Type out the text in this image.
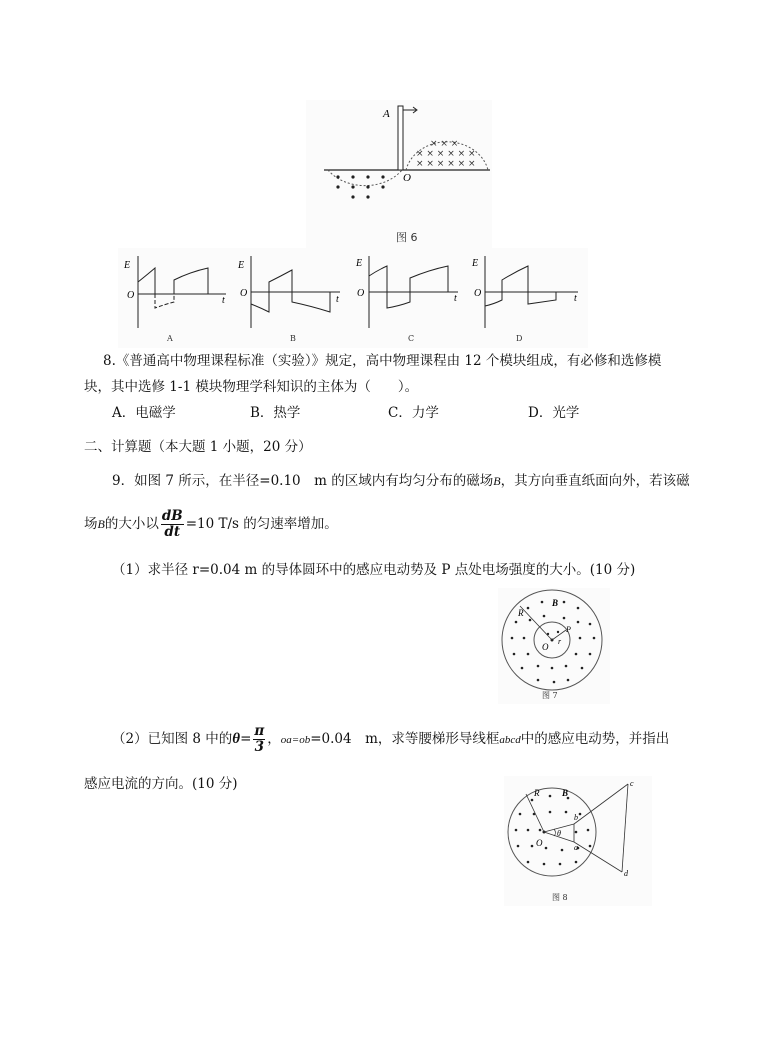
× × ×
× × × × × ×
× × × × × ×
A
O
图 6
E
O	t
A
E
O
t
B
E
O	t
C
E
O	t
D
8.《普通高中物理课程标准（实验）》规定，高中物理课程由 12 个模块组成，有必修和选修模
块，其中选修 1-1 模块物理学科知识的主体为（　　）。
A．电磁学	B．热学	C．力学	D．光学
二、计算题（本大题 1 小题，20 分）
9．如图 7 所示，在半径=0.10　m 的区域内有均匀分布的磁场B，其方向垂直纸面向外，若该磁
场B的大小以 $\frac{dB}{dt} =10$ T/s 的匀速率增加。
（1）求半径 r=0.04 m 的导体圆环中的感应电动势及 P 点处电场强度的大小。(10 分)
R
B
r
P
O
图 7
（2）已知图 8 中的$\theta= \frac{\pi}{3}$ ，oa=ob=0.04　m，求等腰梯形导线框abcd中的感应电动势，并指出
感应电流的方向。(10 分)
R	B
O
θ
a
b
c
d
图 8
